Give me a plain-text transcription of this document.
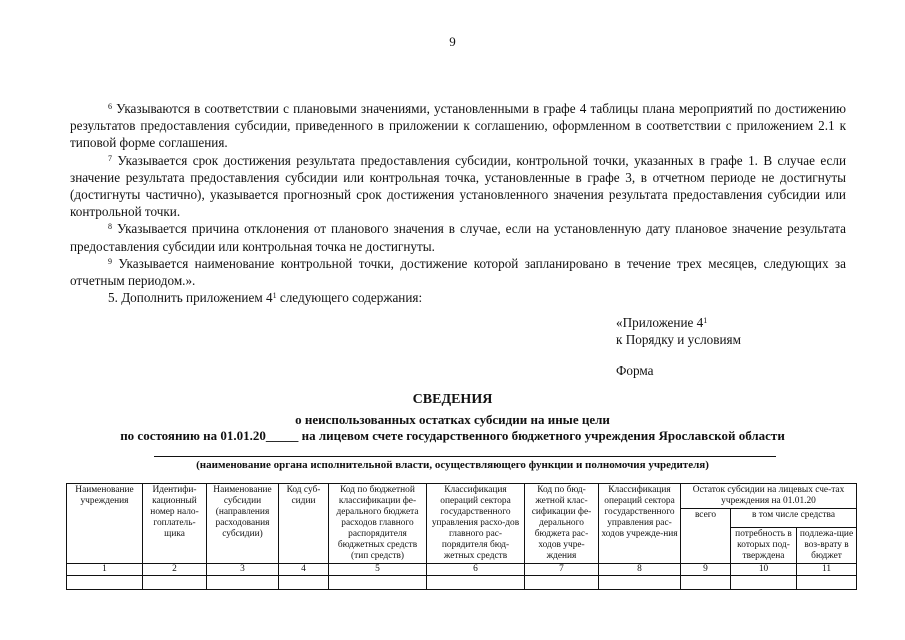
9
$^6$ Указываются в соответствии с плановыми значениями, установленными в графе 4 таблицы плана мероприятий по достижению результатов предоставления субсидии, приведенного в приложении к соглашению, оформленном в соответствии с приложением 2.1 к типовой форме соглашения.
$^7$ Указывается срок достижения результата предоставления субсидии, контрольной точки, указанных в графе 1. В случае если значение результата предоставления субсидии или контрольная точка, установленные в графе 3, в отчетном периоде не достигнуты (достигнуты частично), указывается прогнозный срок достижения установленного значения результата предоставления субсидии или контрольной точки.
$^8$ Указывается причина отклонения от планового значения в случае, если на установленную дату плановое значение результата предоставления субсидии или контрольная точка не достигнуты.
$^9$ Указывается наименование контрольной точки, достижение которой запланировано в течение трех месяцев, следующих за отчетным периодом.».
5. Дополнить приложением $4^1$ следующего содержания:
«Приложение $4^1$
к Порядку и условиям
Форма
СВЕДЕНИЯ
о неиспользованных остатках субсидии на иные цели
по состоянию на 01.01.20_____ на лицевом счете государственного бюджетного учреждения Ярославской области
(наименование органа исполнительной власти, осуществляющего функции и полномочия учредителя)
Наименование учреждения	Идентифи-кационный номер нало-гоплатель-щика	Наименование субсидии (направления расходования субсидии)	Код суб-сидии	Код по бюджетной классификации фе-дерального бюджета расходов главного распорядителя бюджетных средств (тип средств)	Классификация операций сектора государственного управления расхо-дов главного рас-порядителя бюд-жетных средств	Код по бюд-жетной клас-сификации фе-дерального бюджета рас-ходов учре-ждения	Классификация операций сектора государственного управления рас-ходов учрежде-ния	Остаток субсидии на лицевых сче-тах учреждения на 01.01.20		
								всего	в том числе средства	
									потребность в которых под-тверждена	подлежа-щие воз-врату в бюджет
1	2	3	4	5	6	7	8	9	10	11
